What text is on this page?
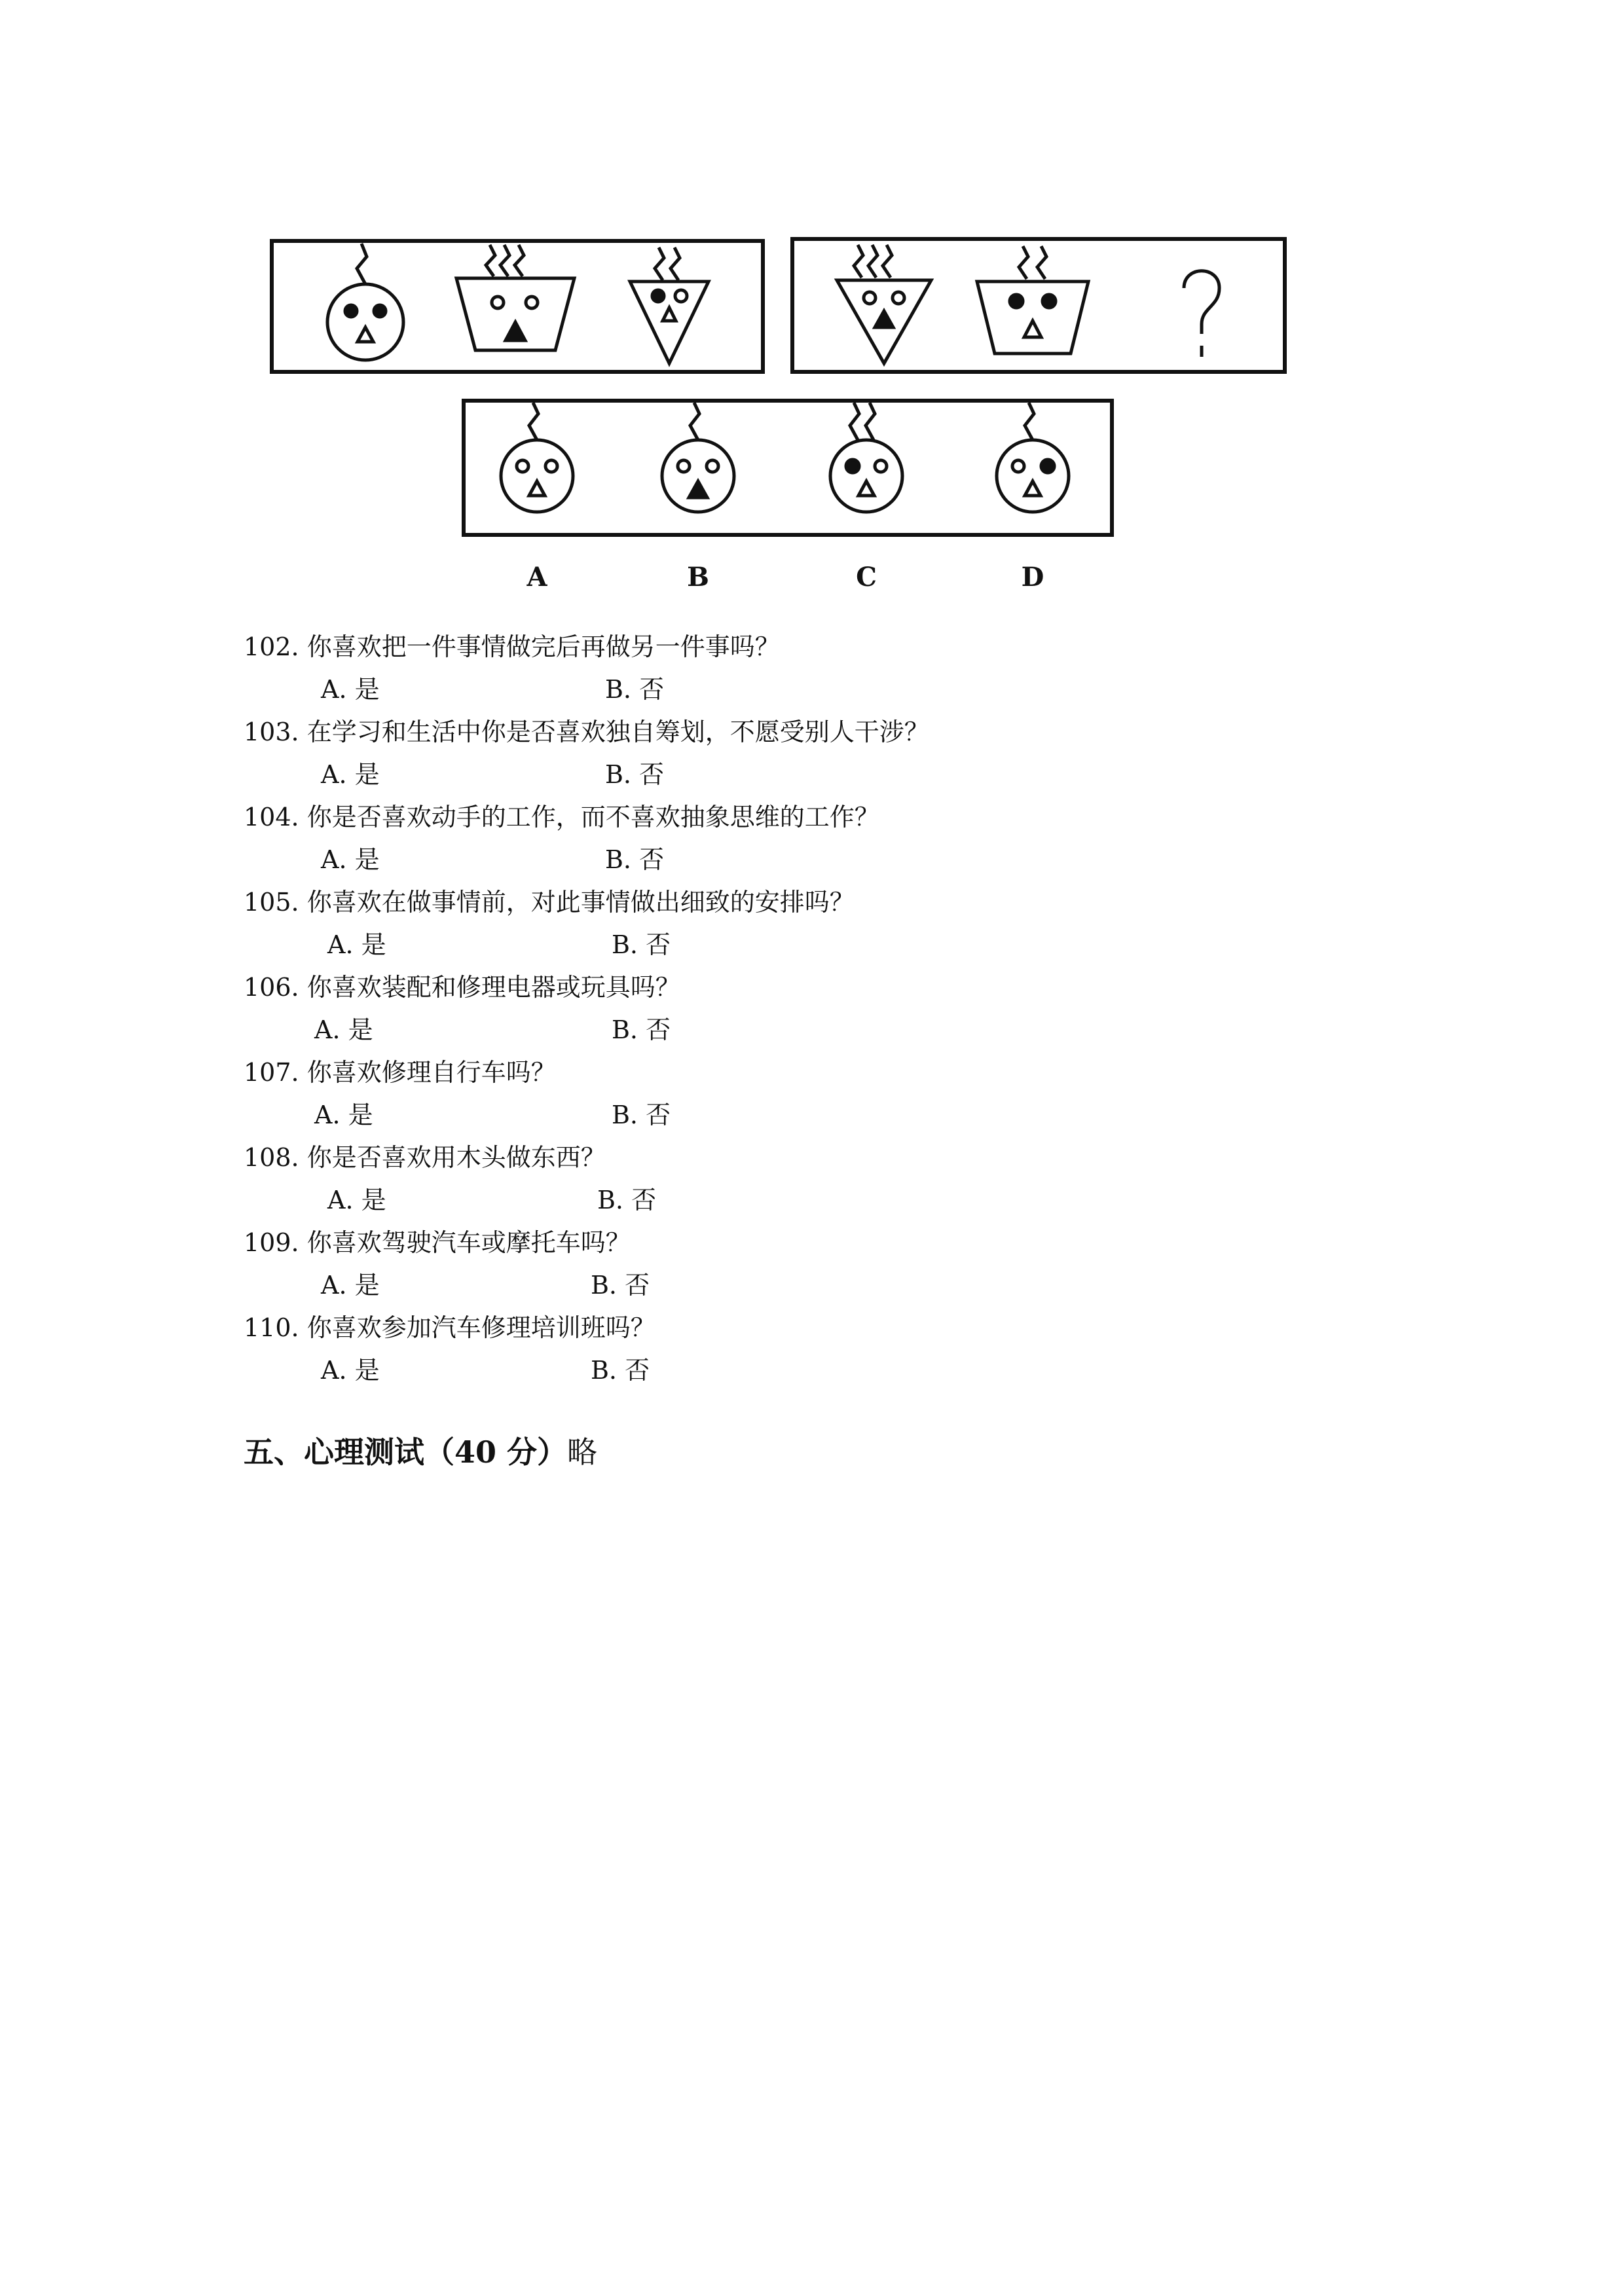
A	B	C	D
102. 你喜欢把一件事情做完后再做另一件事吗？
A. 是	B. 否
103. 在学习和生活中你是否喜欢独自筹划，不愿受别人干涉？
A. 是	B. 否
104. 你是否喜欢动手的工作，而不喜欢抽象思维的工作？
A. 是	B. 否
105. 你喜欢在做事情前，对此事情做出细致的安排吗？
A. 是	B. 否
106. 你喜欢装配和修理电器或玩具吗？
A. 是	B. 否
107. 你喜欢修理自行车吗？
A. 是	B. 否
108. 你是否喜欢用木头做东西？
A. 是	B. 否
109. 你喜欢驾驶汽车或摩托车吗？
A. 是	B. 否
110. 你喜欢参加汽车修理培训班吗？
A. 是	B. 否
五、心理测试（40 分）略
